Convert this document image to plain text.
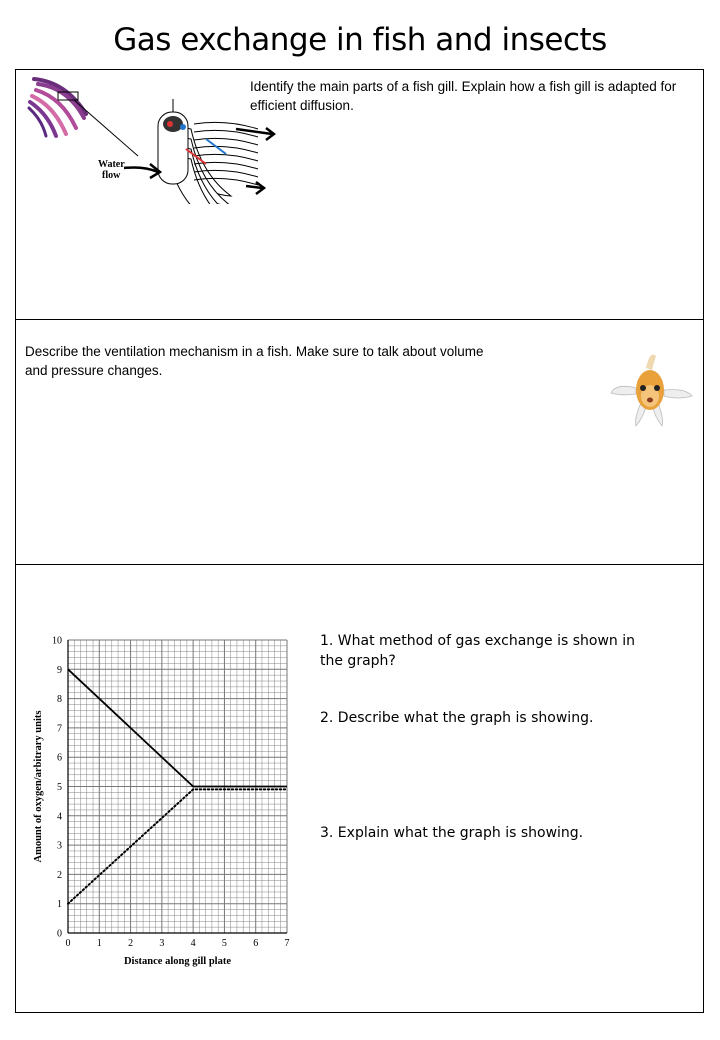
Gas exchange in fish and insects
Water
flow
Identify the main parts of a fish gill. Explain how a fish gill is adapted for efficient diffusion.
Describe the ventilation mechanism in a fish. Make sure to talk about volume and pressure changes.
0	1	2	3	4	5	6	7
0
1
2
3
4
5
6
7
8
9
10
Distance along gill plate
Amount of oxygen/arbitrary units
1. What method of gas exchange is shown in the graph?
2. Describe what the graph is showing.
3. Explain what the graph is showing.
